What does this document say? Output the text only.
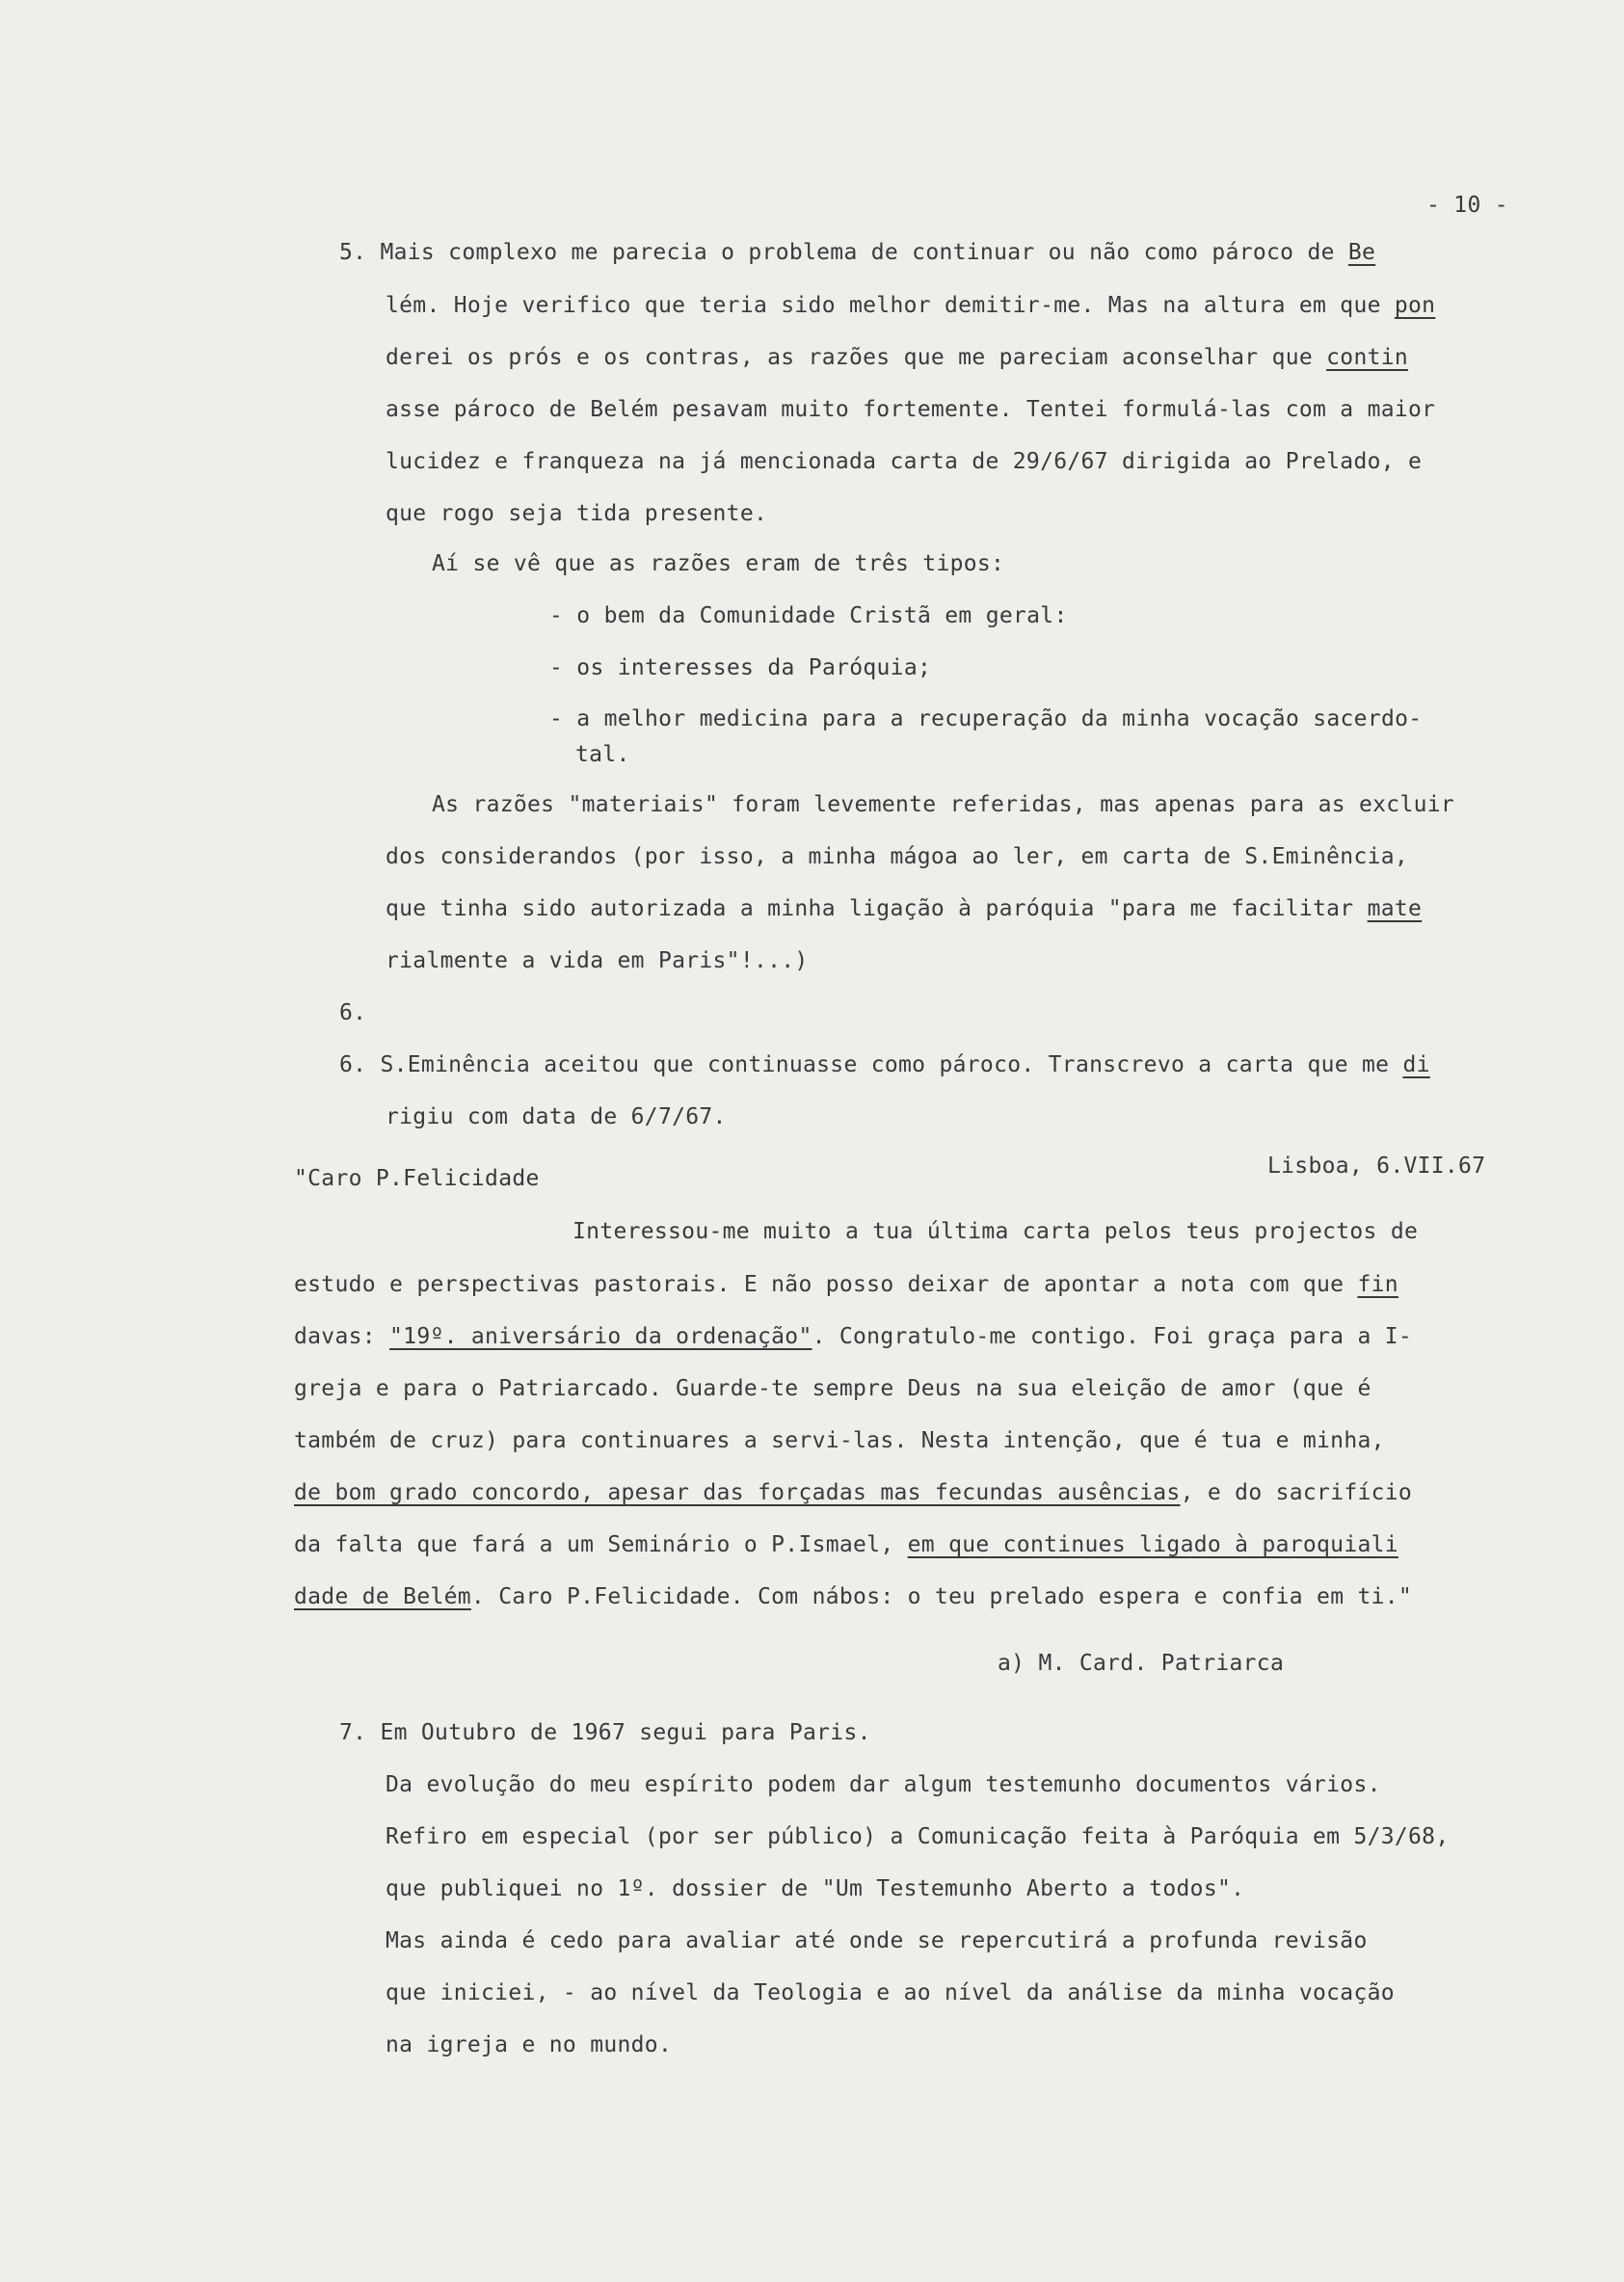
- 10 -
5. Mais complexo me parecia o problema de continuar ou não como pároco de Be
lém. Hoje verifico que teria sido melhor demitir-me. Mas na altura em que pon
derei os prós e os contras, as razões que me pareciam aconselhar que contin
asse pároco de Belém pesavam muito fortemente. Tentei formulá-las com a maior
lucidez e franqueza na já mencionada carta de 29/6/67 dirigida ao Prelado, e
que rogo seja tida presente.
Aí se vê que as razões eram de três tipos:
- o bem da Comunidade Cristã em geral:
- os interesses da Paróquia;
- a melhor medicina para a recuperação da minha vocação sacerdo-
tal.
As razões "materiais" foram levemente referidas, mas apenas para as excluir
dos considerandos (por isso, a minha mágoa ao ler, em carta de S.Eminência,
que tinha sido autorizada a minha ligação à paróquia "para me facilitar mate
rialmente a vida em Paris"!...)
6.
6. S.Eminência aceitou que continuasse como pároco. Transcrevo a carta que me di
rigiu com data de 6/7/67.
"Caro P.Felicidade	Lisboa, 6.VII.67
Interessou-me muito a tua última carta pelos teus projectos de
estudo e perspectivas pastorais. E não posso deixar de apontar a nota com que fin
davas: "19º. aniversário da ordenação". Congratulo-me contigo. Foi graça para a I-
greja e para o Patriarcado. Guarde-te sempre Deus na sua eleição de amor (que é
também de cruz) para continuares a servi-las. Nesta intenção, que é tua e minha,
de bom grado concordo, apesar das forçadas mas fecundas ausências, e do sacrifício
da falta que fará a um Seminário o P.Ismael, em que continues ligado à paroquiali
dade de Belém. Caro P.Felicidade. Com nábos: o teu prelado espera e confia em ti."
a) M. Card. Patriarca
7. Em Outubro de 1967 segui para Paris.
Da evolução do meu espírito podem dar algum testemunho documentos vários.
Refiro em especial (por ser público) a Comunicação feita à Paróquia em 5/3/68,
que publiquei no 1º. dossier de "Um Testemunho Aberto a todos".
Mas ainda é cedo para avaliar até onde se repercutirá a profunda revisão
que iniciei, - ao nível da Teologia e ao nível da análise da minha vocação
na igreja e no mundo.
